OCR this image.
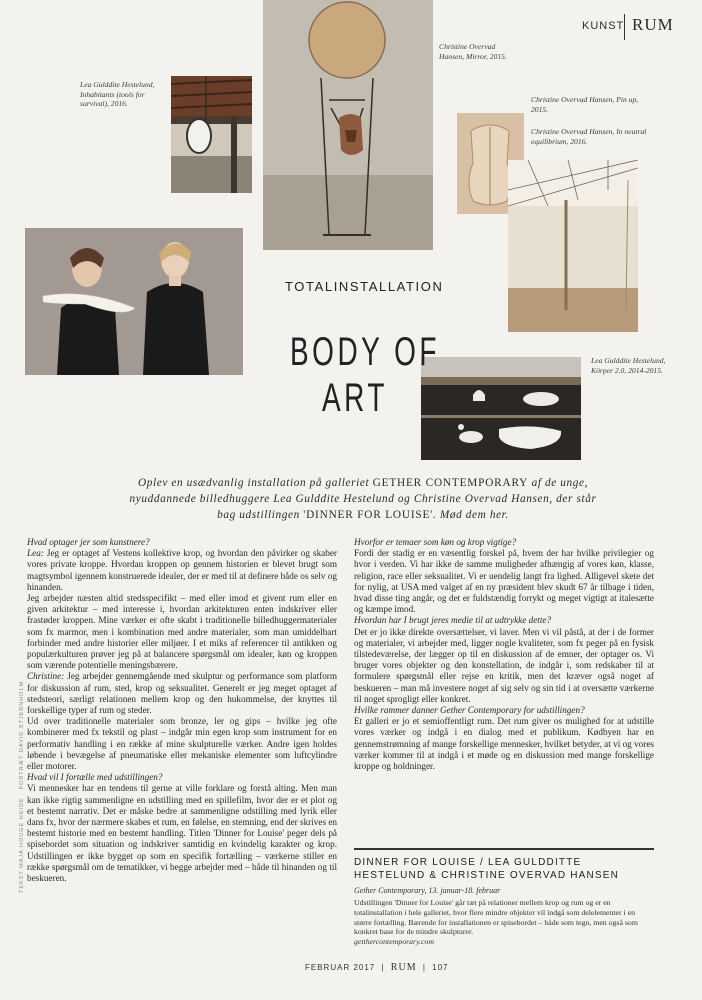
KUNST RUM
TEKST MAJA HOUGE HEIDE · PORTRÆT DAVID STJERNHOLM
Lea Gulddite Hestelund, Inhabitants (tools for survival), 2016.
Christine Overvad Hansen, Mirror, 2015.
Christine Overvad Hansen, Pin up, 2015.
Christine Overvad Hansen, In neutral equilibrium, 2016.
Lea Gulddite Hestelund, Körper 2.0, 2014-2015.
TOTALINSTALLATION
BODY OF
ART
Oplev en usædvanlig installation på galleriet GETHER CONTEMPORARY af de unge, nyuddannede billedhuggere Lea Gulddite Hestelund og Christine Overvad Hansen, der står bag udstillingen 'DINNER FOR LOUISE'. Mød dem her.

Hvad optager jer som kunstnere?

Lea: Jeg er optaget af Vestens kollektive krop, og hvordan den påvirker og skaber vores private kroppe. Hvordan kroppen op gennem historien er blevet brugt som magtsymbol igennem konstruerede idealer, der er med til at definere både os selv og hinanden.

Jeg arbejder næsten altid stedsspecifikt – med eller imod et givent rum eller en given arkitektur – med interesse i, hvordan arkitekturen enten indskriver eller frastøder kroppen. Mine værker er ofte skabt i traditionelle billedhuggermaterialer som fx marmor, men i kombination med andre materialer, som man umiddelbart forbinder med andre historier eller miljøer. I et miks af referencer til antikken og populærkulturen prøver jeg på at balancere spørgsmål om idealer, køn og kroppen som værende potentielle meningsbærere.

Christine: Jeg arbejder gennemgående med skulptur og performance som platform for diskussion af rum, sted, krop og seksualitet. Generelt er jeg meget optaget af stedsteori, særligt relationen mellem krop og den hukommelse, der knyttes til forskellige typer af rum og steder.

Ud over traditionelle materialer som bronze, ler og gips – hvilke jeg ofte kombinerer med fx tekstil og plast – indgår min egen krop som instrument for en performativ handling i en række af mine skulpturelle værker. Andre igen holdes løbende i bevægelse af pneumatiske eller mekaniske elementer som luftcylindre eller motorer.

Hvad vil I fortælle med udstillingen?

Vi mennesker har en tendens til gerne at ville forklare og forstå alting. Men man kan ikke rigtig sammenligne en udstilling med en spillefilm, hvor der er et plot og et bestemt narrativ. Det er måske bedre at sammenligne udstilling med lyrik eller dans fx, hvor der nærmere skabes et rum, en følelse, en stemning, end der skrives en bestemt historie med en bestemt handling. Titlen 'Dinner for Louise' peger dels på spisebordet som situation og indskriver samtidig en kvindelig karakter og krop. Udstillingen er ikke bygget op som en specifik fortælling – værkerne stiller en række spørgsmål om de tematikker, vi begge arbejder med – både til hinanden og til beskueren.

Hvorfor er temaer som køn og krop vigtige?

Fordi der stadig er en væsentlig forskel på, hvem der har hvilke privilegier og hvor i verden. Vi har ikke de samme muligheder afhængig af vores køn, klasse, religion, race eller seksualitet. Vi er uendelig langt fra lighed. Alligevel skete det for nylig, at USA med valget af en ny præsident blev skudt 67 år tilbage i tiden, hvad disse ting angår, og det er fuldstændig forrykt og meget vigtigt at italesætte og kæmpe imod.

Hvordan har I brugt jeres medie til at udtrykke dette?

Det er jo ikke direkte oversættelser, vi laver. Men vi vil påstå, at der i de former og materialer, vi arbejder med, ligger nogle kvaliteter, som fx peger på en fysisk tilstedeværelse, der lægger op til en diskussion af de emner, der optager os. Vi bruger vores objekter og den konstellation, de indgår i, som redskaber til at formulere spørgsmål eller rejse en kritik, men det kræver også noget af beskueren – man må investere noget af sig selv og sin tid i at oversætte værkerne til noget sprogligt eller konkret.

Hvilke rammer danner Gether Contemporary for udstillingen?

Et galleri er jo et semioffentligt rum. Det rum giver os mulighed for at udstille vores værker og indgå i en dialog med et publikum. Kødbyen har en gennemstrømning af mange forskellige mennesker, hvilket betyder, at vi og vores værker kommer til at indgå i et møde og en diskussion med mange forskellige kroppe og holdninger.

DINNER FOR LOUISE / LEA GULDDITTE HESTELUND & CHRISTINE OVERVAD HANSEN
Gether Contemporary, 13. januar-18. februar
Udstillingen 'Dinner for Louise' går tæt på relationer mellem krop og rum og er en totalinstallation i hele galleriet, hvor flere mindre objekter vil indgå som delelementer i en større fortælling. Bærende for installationen er spisebordet – både som tegn, men også som konkret base for de mindre skulpturer.
getthercontemporary.com
FEBRUAR 2017 | RUM | 107
